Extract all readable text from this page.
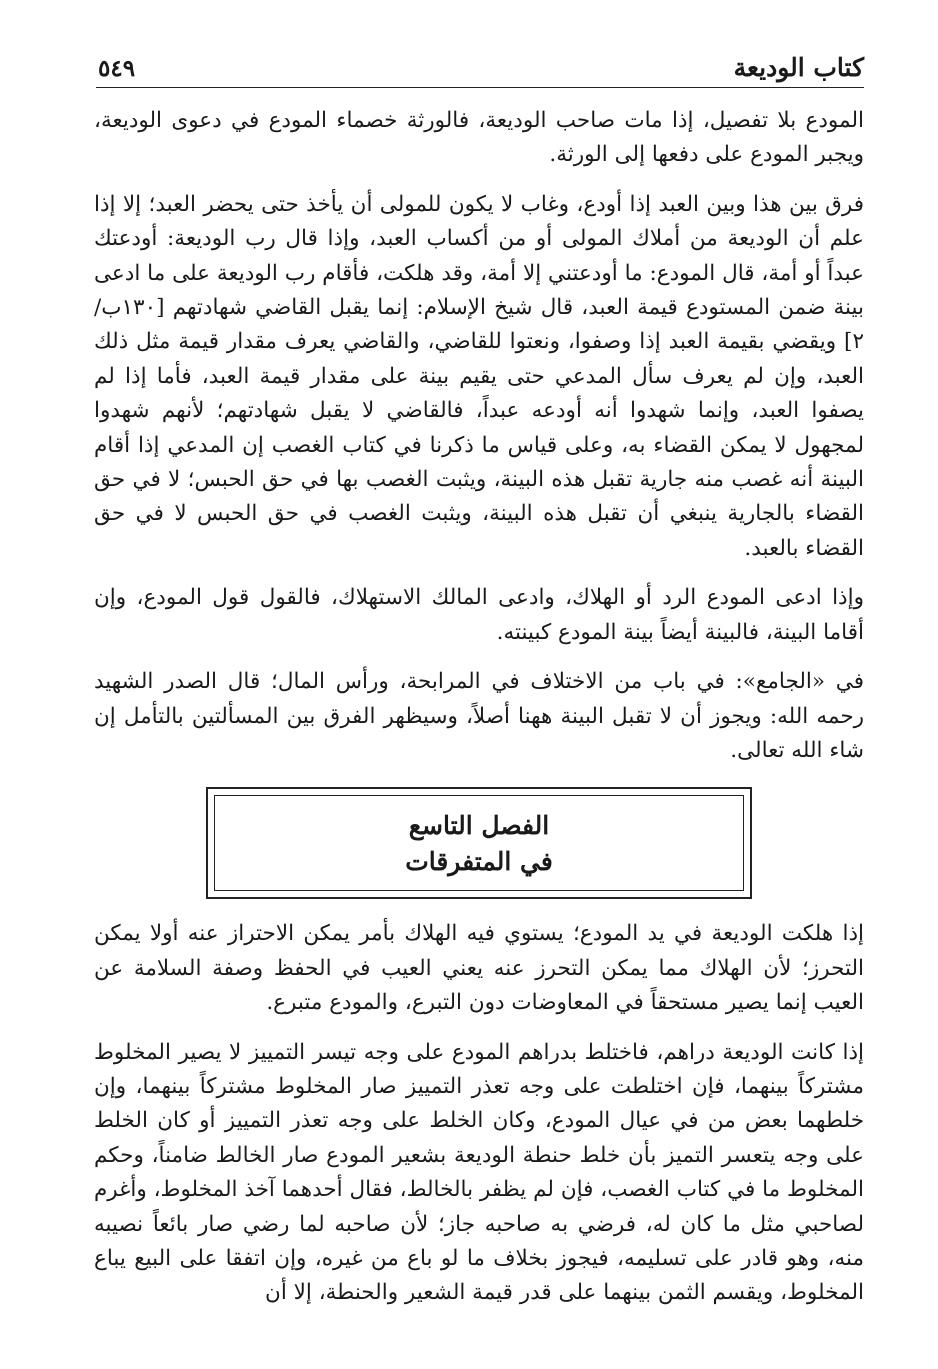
كتاب الوديعة
٥٤٩

المودع بلا تفصيل، إذا مات صاحب الوديعة، فالورثة خصماء المودع في دعوى الوديعة، ويجبر المودع على دفعها إلى الورثة.

فرق بين هذا وبين العبد إذا أودع، وغاب لا يكون للمولى أن يأخذ حتى يحضر العبد؛ إلا إذا علم أن الوديعة من أملاك المولى أو من أكساب العبد، وإذا قال رب الوديعة: أودعتك عبداً أو أمة، قال المودع: ما أودعتني إلا أمة، وقد هلكت، فأقام رب الوديعة على ما ادعى بينة ضمن المستودع قيمة العبد، قال شيخ الإسلام: إنما يقبل القاضي شهادتهم [١٣٠ب/ ٢] ويقضي بقيمة العبد إذا وصفوا، ونعتوا للقاضي، والقاضي يعرف مقدار قيمة مثل ذلك العبد، وإن لم يعرف سأل المدعي حتى يقيم بينة على مقدار قيمة العبد، فأما إذا لم يصفوا العبد، وإنما شهدوا أنه أودعه عبداً، فالقاضي لا يقبل شهادتهم؛ لأنهم شهدوا لمجهول لا يمكن القضاء به، وعلى قياس ما ذكرنا في كتاب الغصب إن المدعي إذا أقام البينة أنه غصب منه جارية تقبل هذه البينة، ويثبت الغصب بها في حق الحبس؛ لا في حق القضاء بالجارية ينبغي أن تقبل هذه البينة، ويثبت الغصب في حق الحبس لا في حق القضاء بالعبد.

وإذا ادعى المودع الرد أو الهلاك، وادعى المالك الاستهلاك، فالقول قول المودع، وإن أقاما البينة، فالبينة أيضاً بينة المودع كبينته.

في «الجامع»: في باب من الاختلاف في المرابحة، ورأس المال؛ قال الصدر الشهيد رحمه الله: ويجوز أن لا تقبل البينة ههنا أصلاً، وسيظهر الفرق بين المسألتين بالتأمل إن شاء الله تعالى.

الفصل التاسع
في المتفرقات

إذا هلكت الوديعة في يد المودع؛ يستوي فيه الهلاك بأمر يمكن الاحتراز عنه أولا يمكن التحرز؛ لأن الهلاك مما يمكن التحرز عنه يعني العيب في الحفظ وصفة السلامة عن العيب إنما يصير مستحقاً في المعاوضات دون التبرع، والمودع متبرع.

إذا كانت الوديعة دراهم، فاختلط بدراهم المودع على وجه تيسر التمييز لا يصير المخلوط مشتركاً بينهما، فإن اختلطت على وجه تعذر التمييز صار المخلوط مشتركاً بينهما، وإن خلطهما بعض من في عيال المودع، وكان الخلط على وجه تعذر التمييز أو كان الخلط على وجه يتعسر التميز بأن خلط حنطة الوديعة بشعير المودع صار الخالط ضامناً، وحكم المخلوط ما في كتاب الغصب، فإن لم يظفر بالخالط، فقال أحدهما آخذ المخلوط، وأغرم لصاحبي مثل ما كان له، فرضي به صاحبه جاز؛ لأن صاحبه لما رضي صار بائعاً نصيبه منه، وهو قادر على تسليمه، فيجوز بخلاف ما لو باع من غيره، وإن اتفقا على البيع يباع المخلوط، ويقسم الثمن بينهما على قدر قيمة الشعير والحنطة، إلا أن
